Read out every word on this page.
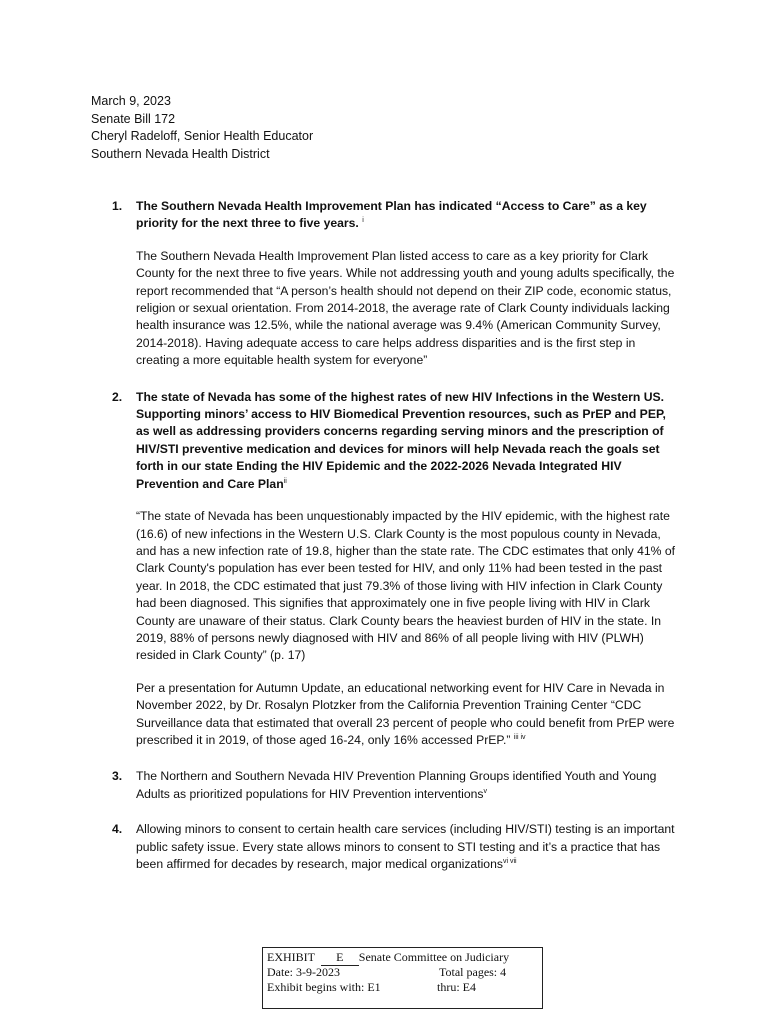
March 9, 2023
Senate Bill 172
Cheryl Radeloff, Senior Health Educator
Southern Nevada Health District
1. The Southern Nevada Health Improvement Plan has indicated “Access to Care” as a key priority for the next three to five years. $^i$

The Southern Nevada Health Improvement Plan listed access to care as a key priority for Clark County for the next three to five years. While not addressing youth and young adults specifically, the report recommended that “A person’s health should not depend on their ZIP code, economic status, religion or sexual orientation. From 2014-2018, the average rate of Clark County individuals lacking health insurance was 12.5%, while the national average was 9.4% (American Community Survey, 2014-2018). Having adequate access to care helps address disparities and is the first step in creating a more equitable health system for everyone”

2. The state of Nevada has some of the highest rates of new HIV Infections in the Western US. Supporting minors’ access to HIV Biomedical Prevention resources, such as PrEP and PEP, as well as addressing providers concerns regarding serving minors and the prescription of HIV/STI preventive medication and devices for minors will help Nevada reach the goals set forth in our state Ending the HIV Epidemic and the 2022-2026 Nevada Integrated HIV Prevention and Care Plan$^{ii}$

“The state of Nevada has been unquestionably impacted by the HIV epidemic, with the highest rate (16.6) of new infections in the Western U.S. Clark County is the most populous county in Nevada, and has a new infection rate of 19.8, higher than the state rate. The CDC estimates that only 41% of Clark County's population has ever been tested for HIV, and only 11% had been tested in the past year. In 2018, the CDC estimated that just 79.3% of those living with HIV infection in Clark County had been diagnosed. This signifies that approximately one in five people living with HIV in Clark County are unaware of their status. Clark County bears the heaviest burden of HIV in the state. In 2019, 88% of persons newly diagnosed with HIV and 86% of all people living with HIV (PLWH) resided in Clark County” (p. 17)

Per a presentation for Autumn Update, an educational networking event for HIV Care in Nevada in November 2022, by Dr. Rosalyn Plotzker from the California Prevention Training Center “CDC Surveillance data that estimated that overall 23 percent of people who could benefit from PrEP were prescribed it in 2019, of those aged 16-24, only 16% accessed PrEP.” $^{iii iv}$

3. The Northern and Southern Nevada HIV Prevention Planning Groups identified Youth and Young Adults as prioritized populations for HIV Prevention interventions$^v$
4. Allowing minors to consent to certain health care services (including HIV/STI) testing is an important public safety issue. Every state allows minors to consent to STI testing and it’s a practice that has been affirmed for decades by research, major medical organizations$^{vi vii}$
EXHIBIT E Senate Committee on Judiciary
Date: 3-9-2023	Total pages: 4
Exhibit begins with: E1	thru: E4
